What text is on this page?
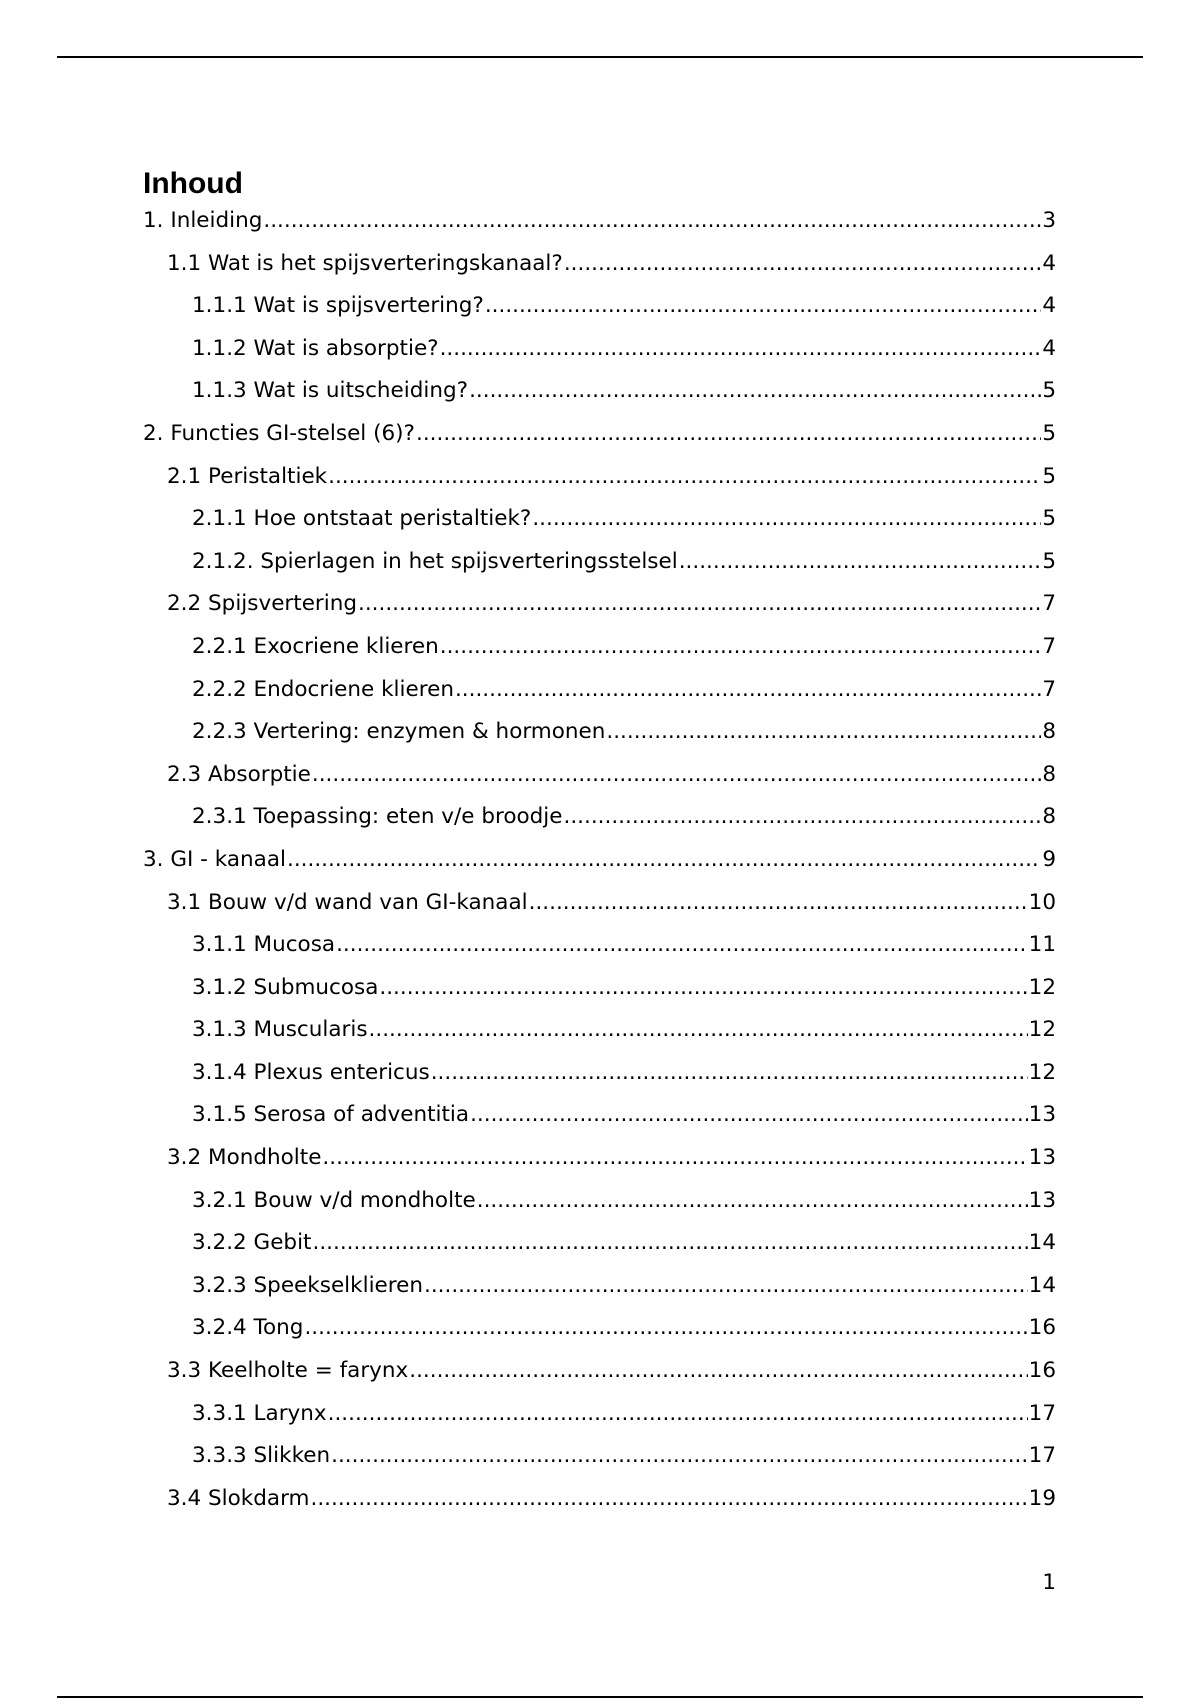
Inhoud
1. Inleiding .....	3
1.1 Wat is het spijsverteringskanaal? .....	4
1.1.1 Wat is spijsvertering? .....	4
1.1.2 Wat is absorptie? .....	4
1.1.3 Wat is uitscheiding? .....	5
2. Functies GI-stelsel (6)? .....	5
2.1 Peristaltiek .....	5
2.1.1 Hoe ontstaat peristaltiek? .....	5
2.1.2. Spierlagen in het spijsverteringsstelsel .....	5
2.2 Spijsvertering .....	7
2.2.1 Exocriene klieren .....	7
2.2.2 Endocriene klieren .....	7
2.2.3 Vertering: enzymen & hormonen .....	8
2.3 Absorptie .....	8
2.3.1 Toepassing: eten v/e broodje .....	8
3. GI - kanaal .....	9
3.1 Bouw v/d wand van GI-kanaal .....	10
3.1.1 Mucosa .....	11
3.1.2 Submucosa .....	12
3.1.3 Muscularis .....	12
3.1.4 Plexus entericus .....	12
3.1.5 Serosa of adventitia .....	13
3.2 Mondholte .....	13
3.2.1 Bouw v/d mondholte .....	13
3.2.2 Gebit .....	14
3.2.3 Speekselklieren .....	14
3.2.4 Tong .....	16
3.3 Keelholte = farynx .....	16
3.3.1 Larynx .....	17
3.3.3 Slikken .....	17
3.4 Slokdarm .....	19
1
